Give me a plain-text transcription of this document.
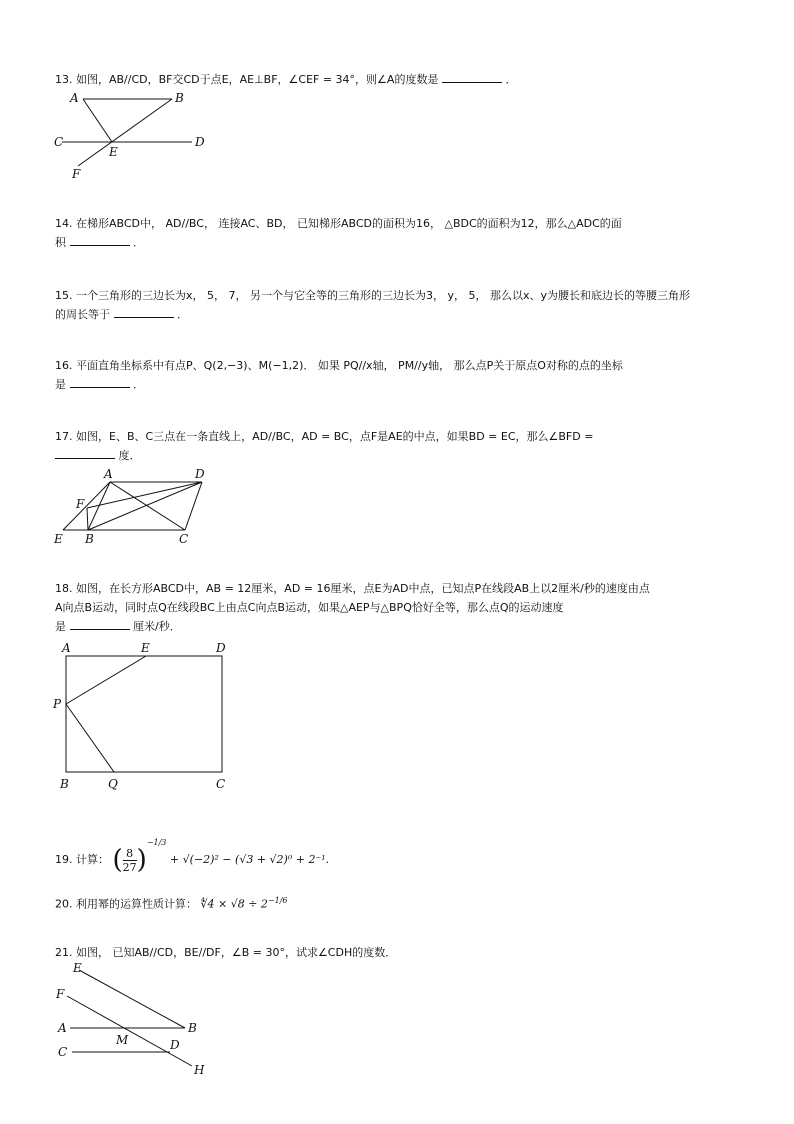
13. 如图，AB//CD，BF交CD于点E，AE⊥BF，∠CEF = 34°，则∠A的度数是	．
A	B
C	D
E
F
14. 在梯形ABCD中， AD//BC， 连接AC、BD， 已知梯形ABCD的面积为16， △BDC的面积为12，那么△ADC的面
积	．
15. 一个三角形的三边长为x， 5， 7， 另一个与它全等的三角形的三边长为3， y， 5， 那么以x、y为腰长和底边长的等腰三角形
的周长等于	．
16. 平面直角坐标系中有点P、Q(2,−3)、M(−1,2)． 如果 PQ//x轴， PM//y轴， 那么点P关于原点O对称的点的坐标
是	．
17. 如图，E、B、C三点在一条直线上，AD//BC，AD = BC，点F是AE的中点，如果BD = EC，那么∠BFD =
度．
A	D
F
E B	C
18. 如图，在长方形ABCD中，AB = 12厘米，AD = 16厘米，点E为AD中点，已知点P在线段AB上以2厘米/秒的速度由点
A向点B运动，同时点Q在线段BC上由点C向点B运动，如果△AEP与△BPQ恰好全等，那么点Q的运动速度
是	厘米/秒．
A	E	D
P
B	Q	C
19. 计算： ( $\frac{8}{27} )^{-1/3} + √(-2)^2 - (√3 + √2)^0 + 2^{-1}$.
20. 利用幂的运算性质计算： ∜4 × $√8 \div 2^{-1/6}$
21. 如图， 已知AB//CD，BE//DF，∠B = 30°，试求∠CDH的度数．
E
F
A	B
M
C	D
H
